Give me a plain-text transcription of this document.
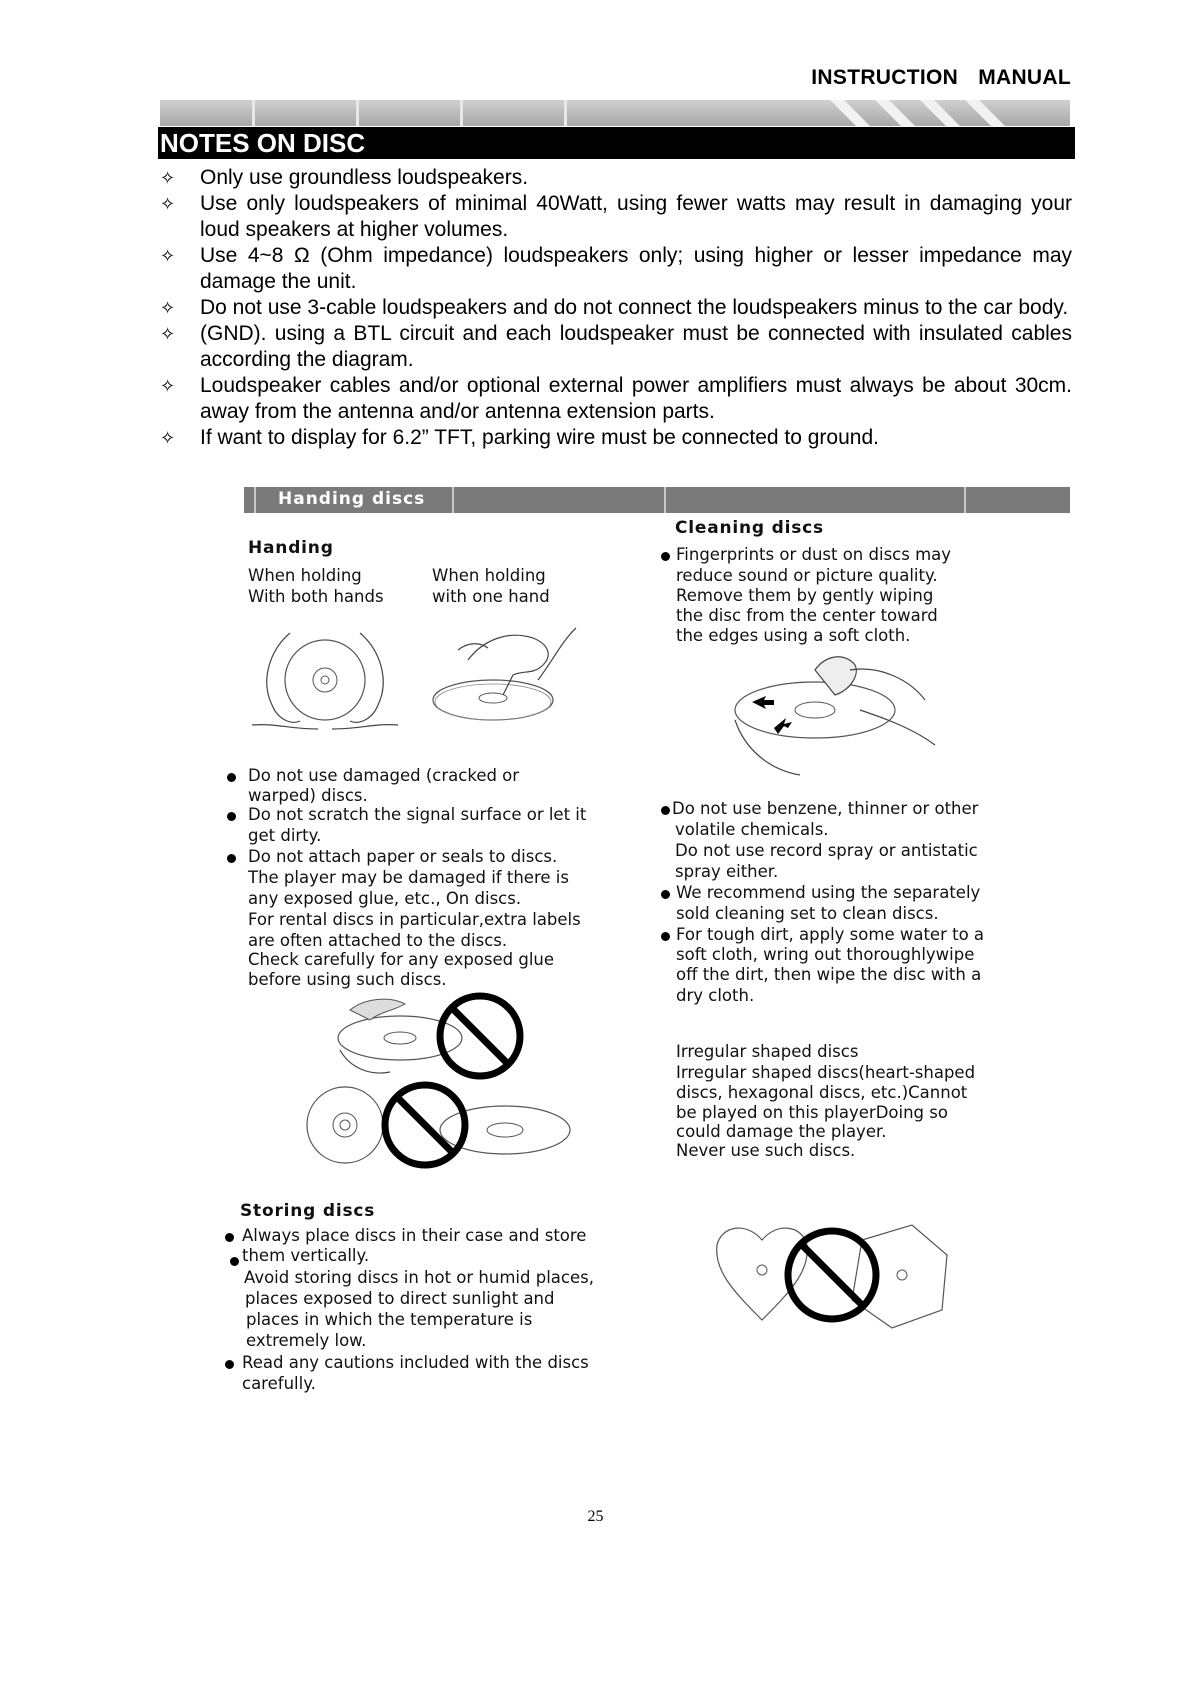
INSTRUCTION MANUAL
NOTES ON DISC
✧ Only use groundless loudspeakers.
✧ Use only loudspeakers of minimal 40Watt, using fewer watts may result in damaging your loud speakers at higher volumes.
✧ Use 4~8 Ω (Ohm impedance) loudspeakers only; using higher or lesser impedance may damage the unit.
✧ Do not use 3-cable loudspeakers and do not connect the loudspeakers minus to the car body.
✧ (GND). using a BTL circuit and each loudspeaker must be connected with insulated cables according the diagram.
✧ Loudspeaker cables and/or optional external power amplifiers must always be about 30cm. away from the antenna and/or antenna extension parts.
✧ If want to display for 6.2” TFT, parking wire must be connected to ground.
Handing discs
Handing
When holding
With both hands
When holding
with one hand
Do not use damaged (cracked or
warped) discs.
Do not scratch the signal surface or let it
get dirty.
Do not attach paper or seals to discs.
The player may be damaged if there is
any exposed glue, etc., On discs.
For rental discs in particular,extra labels
are often attached to the discs.
Check carefully for any exposed glue
before using such discs.
Storing discs
Always place discs in their case and store
them vertically.
Avoid storing discs in hot or humid places,
places exposed to direct sunlight and
places in which the temperature is
extremely low.
Read any cautions included with the discs
carefully.
Cleaning discs
Fingerprints or dust on discs may
reduce sound or picture quality.
Remove them by gently wiping
the disc from the center toward
the edges using a soft cloth.
Do not use benzene, thinner or other
volatile chemicals.
Do not use record spray or antistatic
spray either.
We recommend using the separately
sold cleaning set to clean discs.
For tough dirt, apply some water to a
soft cloth, wring out thoroughlywipe
off the dirt, then wipe the disc with a
dry cloth.
Irregular shaped discs
Irregular shaped discs(heart-shaped
discs, hexagonal discs, etc.)Cannot
be played on this playerDoing so
could damage the player.
Never use such discs.
25
